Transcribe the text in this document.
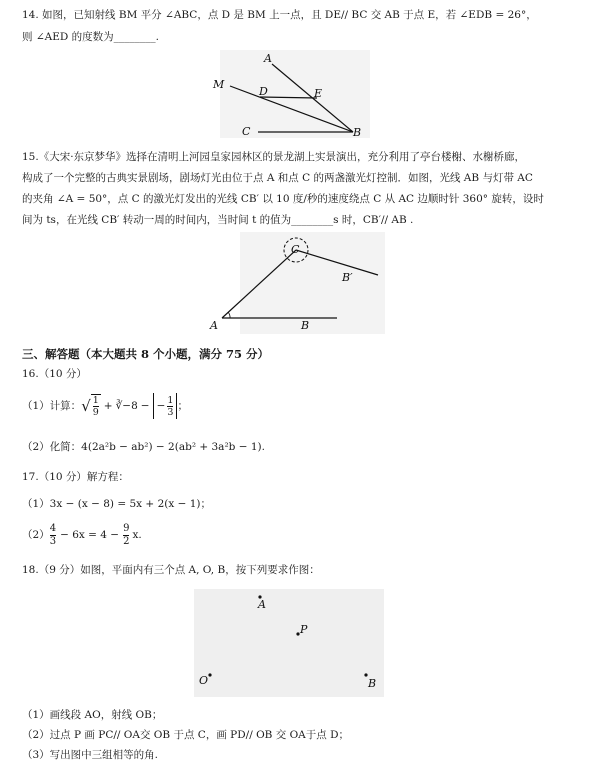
14. 如图，已知射线 BM 平分 ∠ABC，点 D 是 BM 上一点，且 DE// BC 交 AB 于点 E，若 ∠EDB = 26°，
则 ∠AED 的度数为________.
A
M
D	E
C	B
15.《大宋·东京梦华》选择在清明上河园皇家园林区的景龙湖上实景演出，充分利用了亭台楼榭、水榭桥廊，
构成了一个完整的古典实景剧场，剧场灯光由位于点 A 和点 C 的两盏激光灯控制．如图，光线 AB 与灯带 AC
的夹角 ∠A = 50°，点 C 的激光灯发出的光线 CB′ 以 10 度/秒的速度绕点 C 从 AC 边顺时针 360° 旋转，设时
间为 ts，在光线 CB′ 转动一周的时间内，当时间 t 的值为________s 时，CB′// AB .
C
B′
A	B
三、解答题（本大题共 8 个小题，满分 75 分）
16.（10 分）
（1）计算： √ $\frac{1}{9}$ + ∛−8 − − $\frac{1}{3}$ ；
（2）化简：4(2a²b − ab²) − 2(ab² + 3a²b − 1).
17.（10 分）解方程：
（1）3x − (x − 8) = 5x + 2(x − 1)；
$(2) \frac{4}{3} - 6x = 4 - \frac{9}{2} x$.
18.（9 分）如图，平面内有三个点 A, O, B，按下列要求作图：
A
P
O	B
（1）画线段 AO，射线 OB；
（2）过点 P 画 PC// OA交 OB 于点 C，画 PD// OB 交 OA于点 D；
（3）写出图中三组相等的角.
